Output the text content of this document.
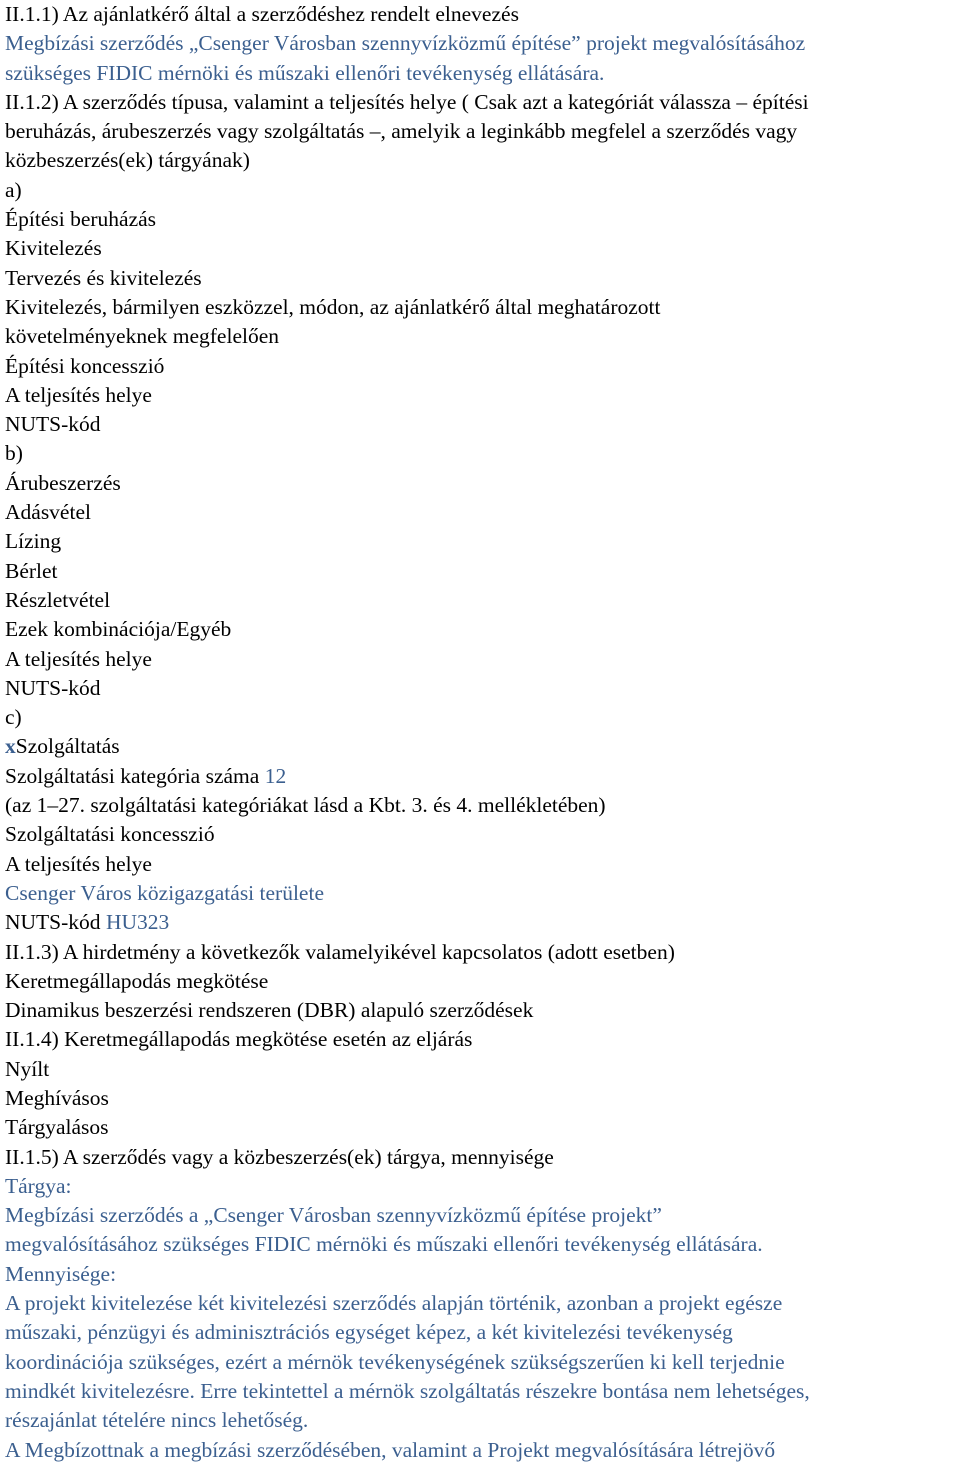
II.1.1) Az ajánlatkérő által a szerződéshez rendelt elnevezés
Megbízási szerződés „Csenger Városban szennyvízközmű építése” projekt megvalósításához
szükséges FIDIC mérnöki és műszaki ellenőri tevékenység ellátására.
II.1.2) A szerződés típusa, valamint a teljesítés helye ( Csak azt a kategóriát válassza – építési
beruházás, árubeszerzés vagy szolgáltatás –, amelyik a leginkább megfelel a szerződés vagy
közbeszerzés(ek) tárgyának)
a)
Építési beruházás
Kivitelezés
Tervezés és kivitelezés
Kivitelezés, bármilyen eszközzel, módon, az ajánlatkérő által meghatározott
követelményeknek megfelelően
Építési koncesszió
A teljesítés helye
NUTS-kód
b)
Árubeszerzés
Adásvétel
Lízing
Bérlet
Részletvétel
Ezek kombinációja/Egyéb
A teljesítés helye
NUTS-kód
c)
xSzolgáltatás
Szolgáltatási kategória száma 12
(az 1–27. szolgáltatási kategóriákat lásd a Kbt. 3. és 4. mellékletében)
Szolgáltatási koncesszió
A teljesítés helye
Csenger Város közigazgatási területe
NUTS-kód HU323
II.1.3) A hirdetmény a következők valamelyikével kapcsolatos (adott esetben)
Keretmegállapodás megkötése
Dinamikus beszerzési rendszeren (DBR) alapuló szerződések
II.1.4) Keretmegállapodás megkötése esetén az eljárás
Nyílt
Meghívásos
Tárgyalásos
II.1.5) A szerződés vagy a közbeszerzés(ek) tárgya, mennyisége
Tárgya:
Megbízási szerződés a „Csenger Városban szennyvízközmű építése projekt”
megvalósításához szükséges FIDIC mérnöki és műszaki ellenőri tevékenység ellátására.
Mennyisége:
A projekt kivitelezése két kivitelezési szerződés alapján történik, azonban a projekt egésze
műszaki, pénzügyi és adminisztrációs egységet képez, a két kivitelezési tevékenység
koordinációja szükséges, ezért a mérnök tevékenységének szükségszerűen ki kell terjednie
mindkét kivitelezésre. Erre tekintettel a mérnök szolgáltatás részekre bontása nem lehetséges,
részajánlat tételére nincs lehetőség.
A Megbízottnak a megbízási szerződésében, valamint a Projekt megvalósítására létrejövő
